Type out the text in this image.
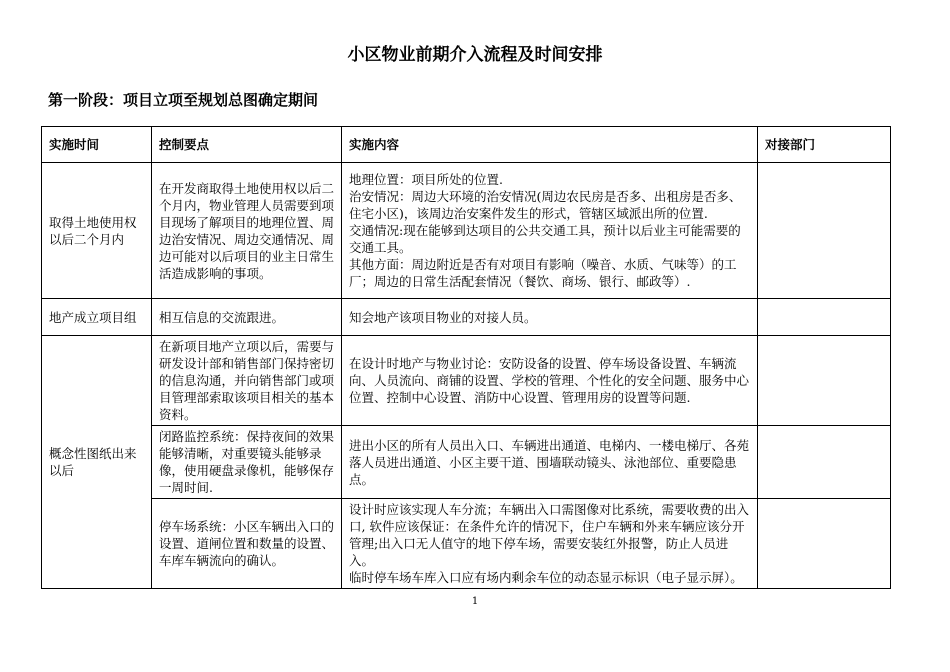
小区物业前期介入流程及时间安排
第一阶段：项目立项至规划总图确定期间
实施时间	控制要点	实施内容	对接部门
取得土地使用权以后二个月内	在开发商取得土地使用权以后二个月内，物业管理人员需要到项目现场了解项目的地理位置、周边治安情况、周边交通情况、周边可能对以后项目的业主日常生活造成影响的事项。	地理位置：项目所处的位置.
治安情况：周边大环境的治安情况(周边农民房是否多、出租房是否多、住宅小区)，该周边治安案件发生的形式，管辖区域派出所的位置.
交通情况:现在能够到达项目的公共交通工具，预计以后业主可能需要的交通工具。
其他方面：周边附近是否有对项目有影响（噪音、水质、气味等）的工厂；周边的日常生活配套情况（餐饮、商场、银行、邮政等）.	

地产成立项目组	相互信息的交流跟进。	知会地产该项目物业的对接人员。	
概念性图纸出来以后	在新项目地产立项以后，需要与研发设计部和销售部门保持密切的信息沟通，并向销售部门或项目管理部索取该项目相关的基本资料。	在设计时地产与物业讨论：安防设备的设置、停车场设备设置、车辆流向、人员流向、商铺的设置、学校的管理、个性化的安全问题、服务中心位置、控制中心设置、消防中心设置、管理用房的设置等问题.	
	闭路监控系统：保持夜间的效果能够清晰，对重要镜头能够录像，使用硬盘录像机，能够保存一周时间.	进出小区的所有人员出入口、车辆进出通道、电梯内、一楼电梯厅、各苑落人员进出通道、小区主要干道、围墙联动镜头、泳池部位、重要隐患点。	
	停车场系统：小区车辆出入口的设置、道闸位置和数量的设置、车库车辆流向的确认。	设计时应该实现人车分流；车辆出入口需图像对比系统，需要收费的出入口, 软件应该保证：在条件允许的情况下，住户车辆和外来车辆应该分开管理;出入口无人值守的地下停车场，需要安装红外报警，防止人员进入。
临时停车场车库入口应有场内剩余车位的动态显示标识（电子显示屏）。	

1
